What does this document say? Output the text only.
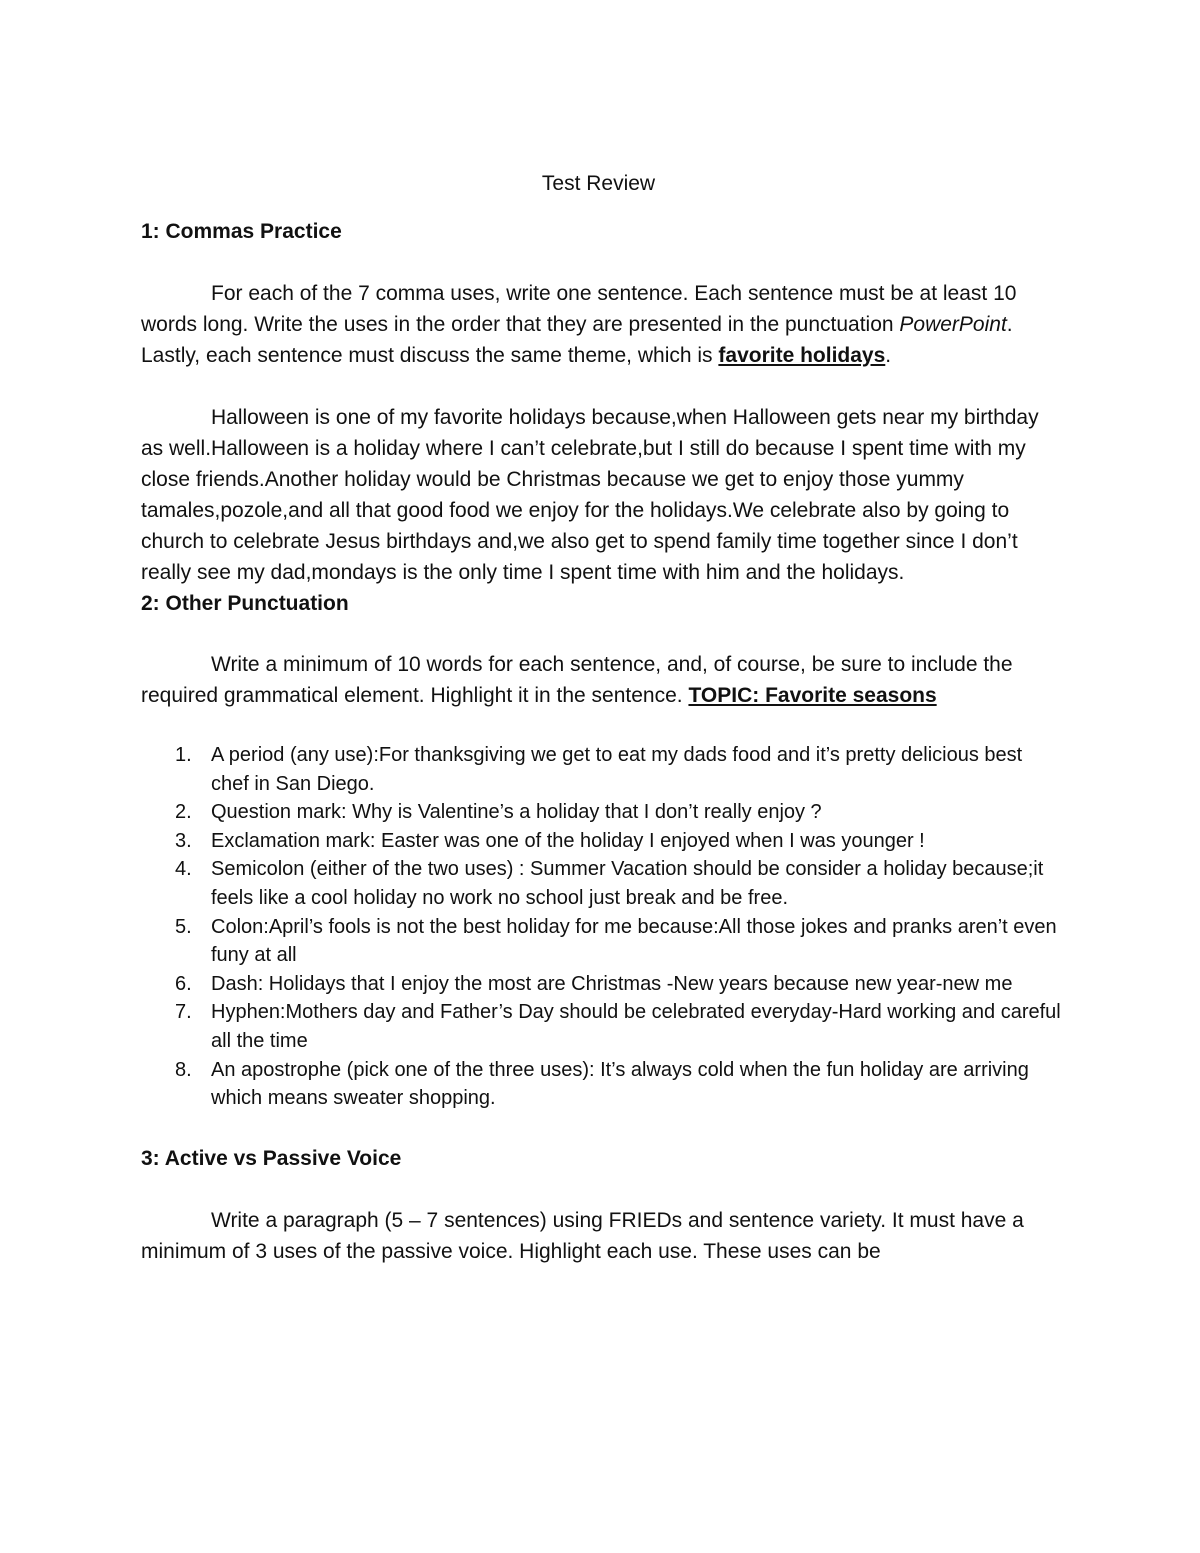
Test Review

1: Commas Practice

For each of the 7 comma uses, write one sentence. Each sentence must be at least 10 words long. Write the uses in the order that they are presented in the punctuation PowerPoint. Lastly, each sentence must discuss the same theme, which is favorite holidays.

Halloween is one of my favorite holidays because,when Halloween gets near my birthday as well.Halloween is a holiday where I can’t celebrate,but I still do because I spent time with my close friends.Another holiday would be Christmas because we get to enjoy those yummy tamales,pozole,and all that good food we enjoy for the holidays.We celebrate also by going to church to celebrate Jesus birthdays and,we also get to spend family time together since I don’t really see my dad,mondays is the only time I spent time with him and the holidays.

2: Other Punctuation

Write a minimum of 10 words for each sentence, and, of course, be sure to include the required grammatical element. Highlight it in the sentence. TOPIC: Favorite seasons

1. A period (any use):For thanksgiving we get to eat my dads food and it’s pretty delicious best chef in San Diego.
2. Question mark: Why is Valentine’s a holiday that I don’t really enjoy ?
3. Exclamation mark: Easter was one of the holiday I enjoyed when I was younger !
4. Semicolon (either of the two uses) : Summer Vacation should be consider a holiday because;it feels like a cool holiday no work no school just break and be free.
5. Colon:April’s fools is not the best holiday for me because:All those jokes and pranks aren’t even funy at all
6. Dash: Holidays that I enjoy the most are Christmas -New years because new year-new me
7. Hyphen:Mothers day and Father’s Day should be celebrated everyday-Hard working and careful all the time
8. An apostrophe (pick one of the three uses): It’s always cold when the fun holiday are arriving which means sweater shopping.

3: Active vs Passive Voice

Write a paragraph (5 – 7 sentences) using FRIEDs and sentence variety. It must have a minimum of 3 uses of the passive voice. Highlight each use. These uses can be
